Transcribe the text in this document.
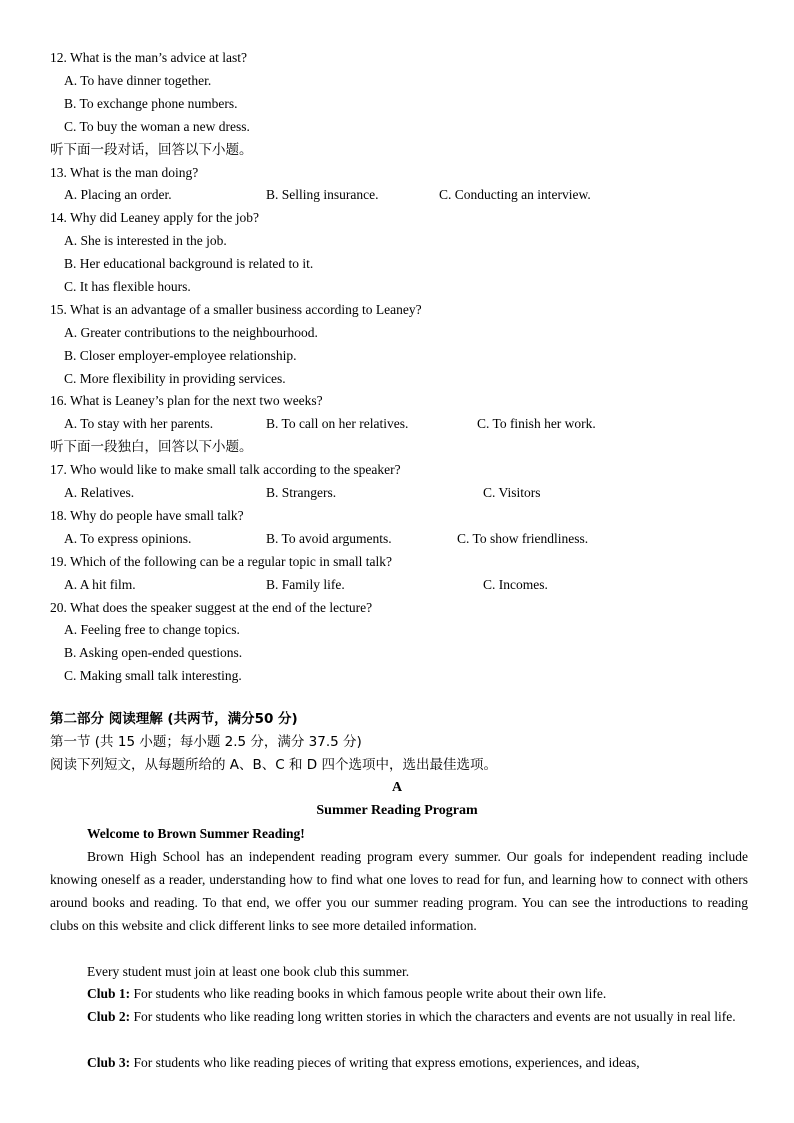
12. What is the man’s advice at last?
A. To have dinner together.
B. To exchange phone numbers.
C. To buy the woman a new dress.
听下面一段对话，回答以下小题。
13. What is the man doing?
A. Placing an order.	B. Selling insurance.	C. Conducting an interview.
14. Why did Leaney apply for the job?
A. She is interested in the job.
B. Her educational background is related to it.
C. It has flexible hours.
15. What is an advantage of a smaller business according to Leaney?
A. Greater contributions to the neighbourhood.
B. Closer employer-employee relationship.
C. More flexibility in providing services.
16. What is Leaney’s plan for the next two weeks?
A. To stay with her parents.	B. To call on her relatives.	C. To finish her work.
听下面一段独白，回答以下小题。
17. Who would like to make small talk according to the speaker?
A. Relatives.	B. Strangers.	C. Visitors
18. Why do people have small talk?
A. To express opinions.	B. To avoid arguments.	C. To show friendliness.
19. Which of the following can be a regular topic in small talk?
A. A hit film.	B. Family life.	C. Incomes.
20. What does the speaker suggest at the end of the lecture?
A. Feeling free to change topics.
B. Asking open-ended questions.
C. Making small talk interesting.
第二部分 阅读理解 (共两节，满分50 分)
第一节 (共 15 小题；每小题 2.5 分，满分 37.5 分)
阅读下列短文，从每题所给的 A、B、C 和 D 四个选项中，选出最佳选项。
A
Summer Reading Program
Welcome to Brown Summer Reading!
Brown High School has an independent reading program every summer. Our goals for independent reading include knowing oneself as a reader, understanding how to find what one loves to read for fun, and learning how to connect with others around books and reading. To that end, we offer you our summer reading program. You can see the introductions to reading clubs on this website and click different links to see more detailed information.
Every student must join at least one book club this summer.
Club 1: For students who like reading books in which famous people write about their own life.
Club 2: For students who like reading long written stories in which the characters and events are not usually in real life.
Club 3: For students who like reading pieces of writing that express emotions, experiences, and ideas,
